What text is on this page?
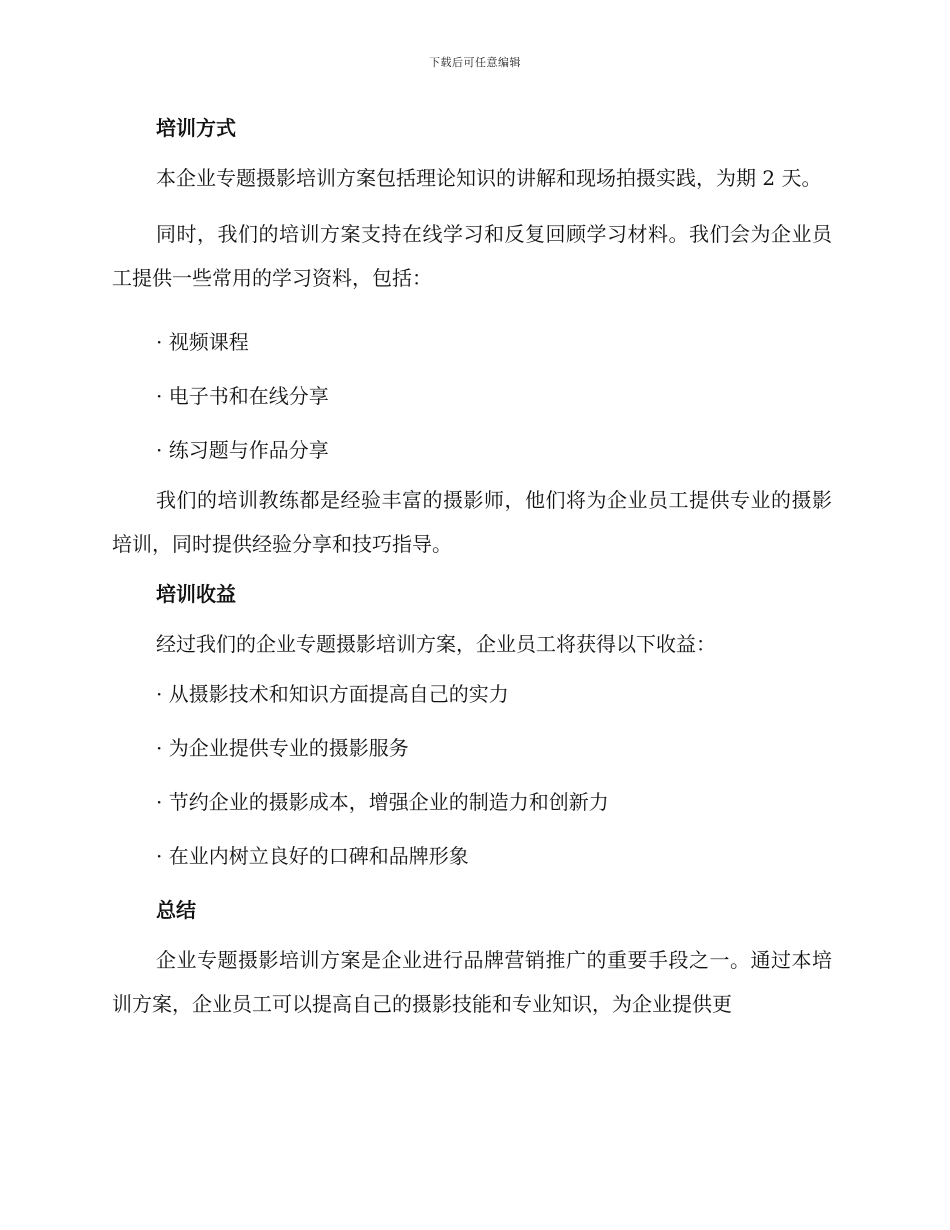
下载后可任意编辑
培训方式

本企业专题摄影培训方案包括理论知识的讲解和现场拍摄实践，为期 2 天。

同时，我们的培训方案支持在线学习和反复回顾学习材料。我们会为企业员工提供一些常用的学习资料，包括：

· 视频课程

· 电子书和在线分享

· 练习题与作品分享

我们的培训教练都是经验丰富的摄影师，他们将为企业员工提供专业的摄影培训，同时提供经验分享和技巧指导。

培训收益

经过我们的企业专题摄影培训方案，企业员工将获得以下收益：

· 从摄影技术和知识方面提高自己的实力

· 为企业提供专业的摄影服务

· 节约企业的摄影成本，增强企业的制造力和创新力

· 在业内树立良好的口碑和品牌形象

总结

企业专题摄影培训方案是企业进行品牌营销推广的重要手段之一。通过本培训方案，企业员工可以提高自己的摄影技能和专业知识，为企业提供更
